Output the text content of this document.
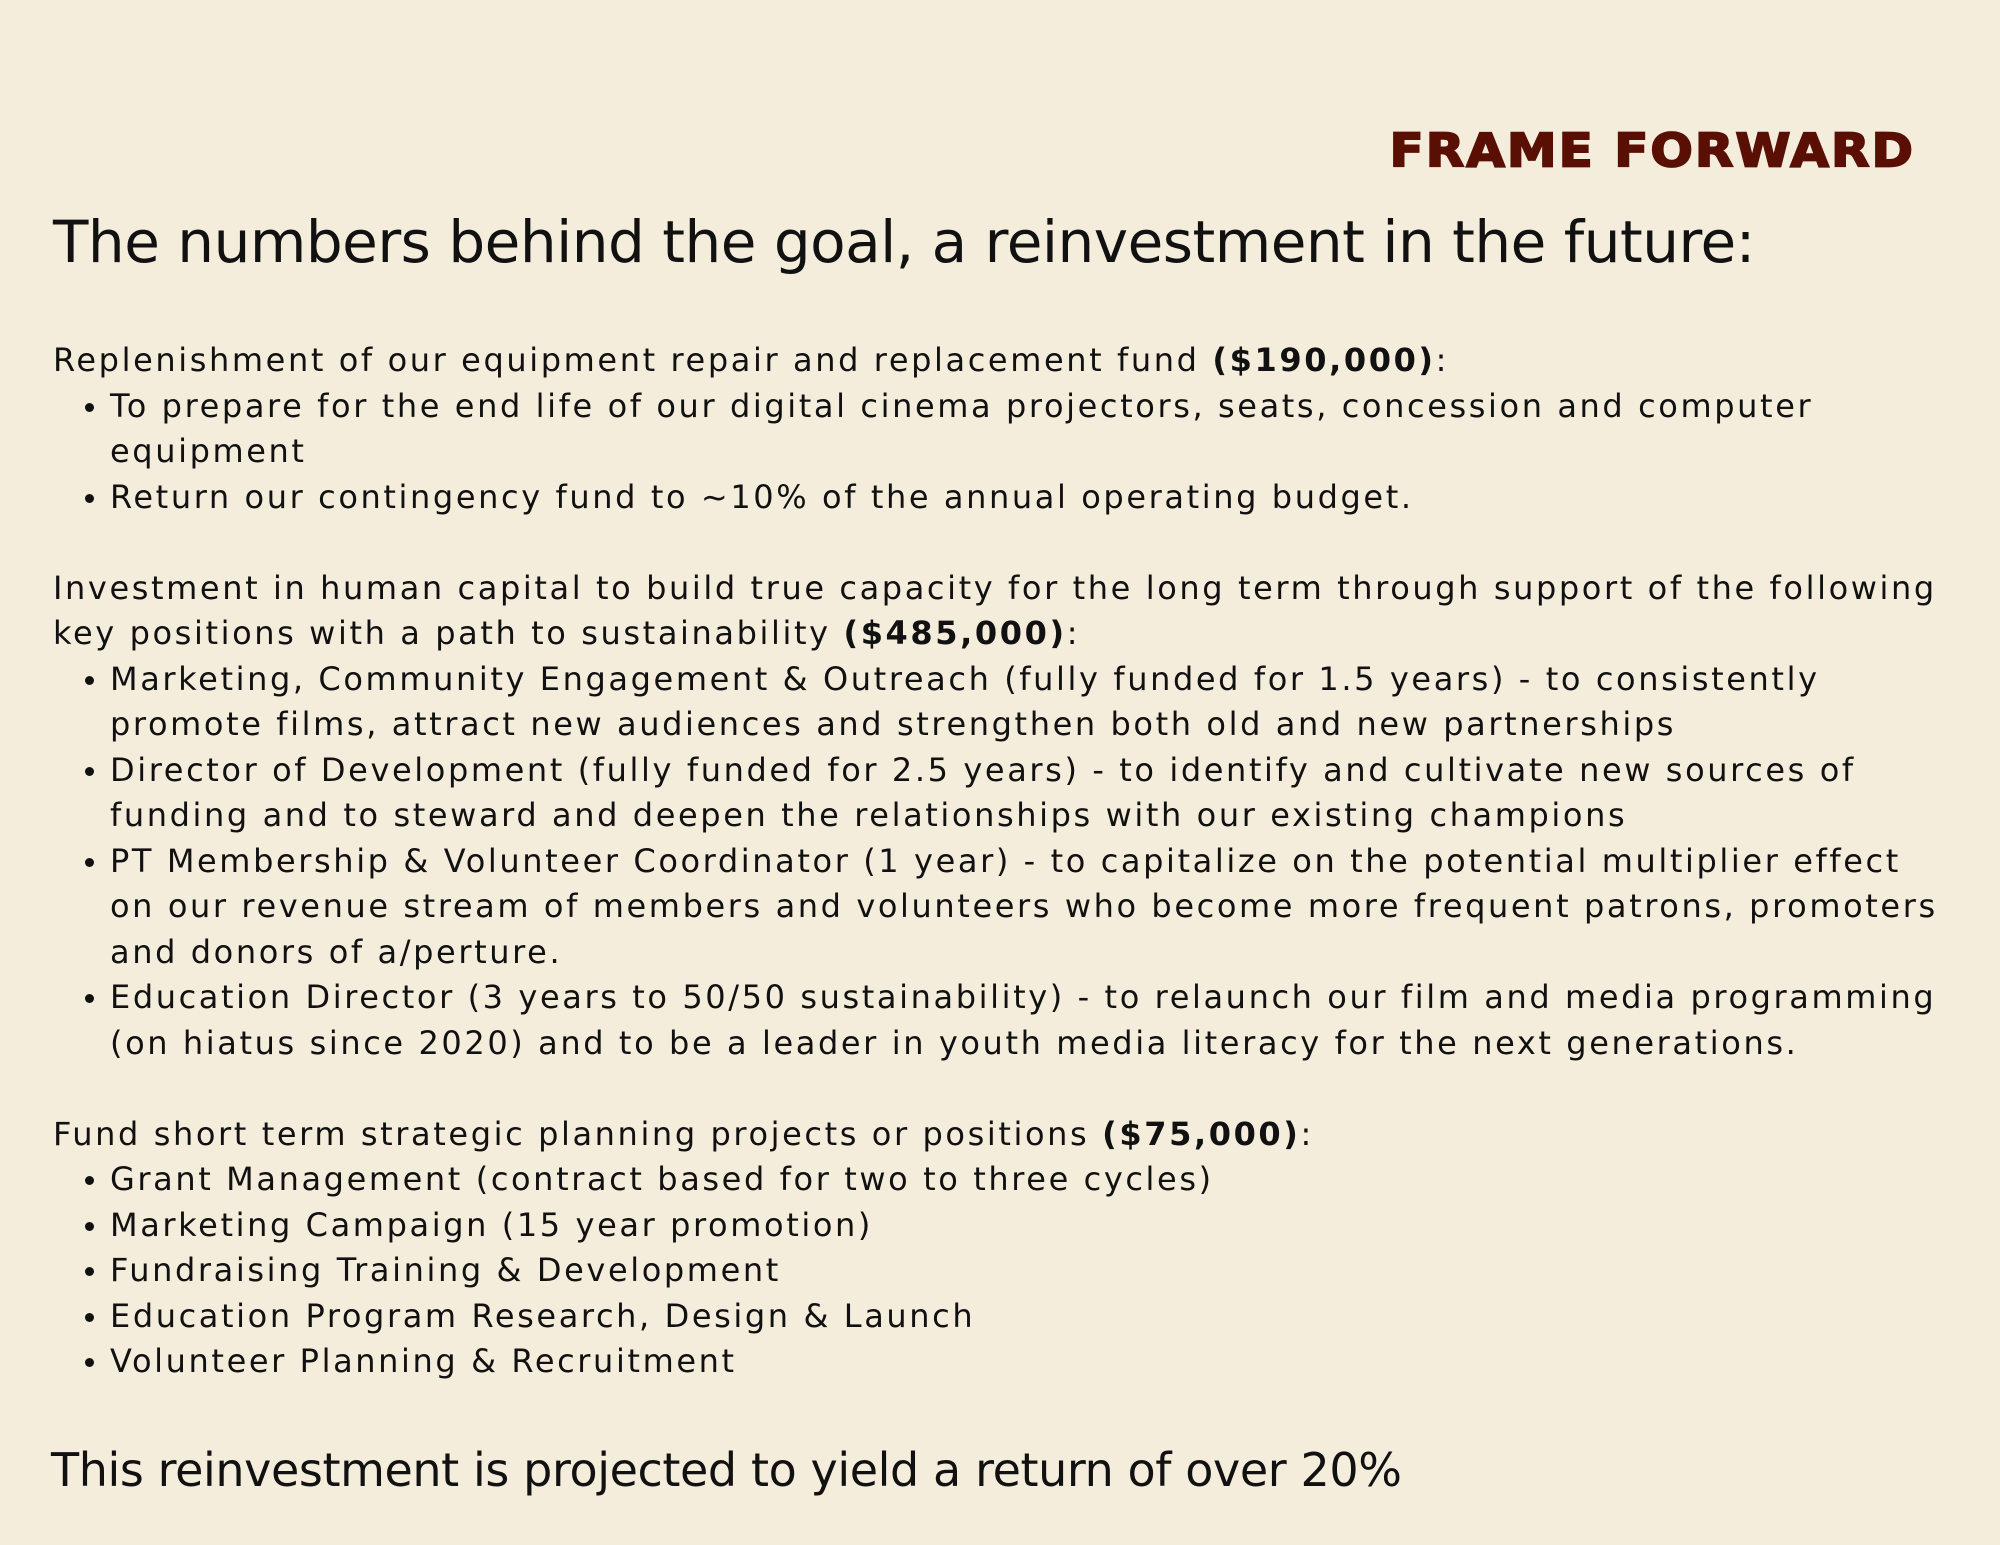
FRAME FORWARD
The numbers behind the goal, a reinvestment in the future:

Replenishment of our equipment repair and replacement fund ($190,000):

• To prepare for the end life of our digital cinema projectors, seats, concession and computer equipment
• Return our contingency fund to ~10% of the annual operating budget.

Investment in human capital to build true capacity for the long term through support of the following key positions with a path to sustainability ($485,000):

• Marketing, Community Engagement & Outreach (fully funded for 1.5 years) - to consistently promote films, attract new audiences and strengthen both old and new partnerships
• Director of Development (fully funded for 2.5 years) - to identify and cultivate new sources of funding and to steward and deepen the relationships with our existing champions
• PT Membership & Volunteer Coordinator (1 year) - to capitalize on the potential multiplier effect on our revenue stream of members and volunteers who become more frequent patrons, promoters and donors of a/perture.
• Education Director (3 years to 50/50 sustainability) - to relaunch our film and media programming (on hiatus since 2020) and to be a leader in youth media literacy for the next generations.

Fund short term strategic planning projects or positions ($75,000):

• Grant Management (contract based for two to three cycles)
• Marketing Campaign (15 year promotion)
• Fundraising Training & Development
• Education Program Research, Design & Launch
• Volunteer Planning & Recruitment

This reinvestment is projected to yield a return of over 20%
